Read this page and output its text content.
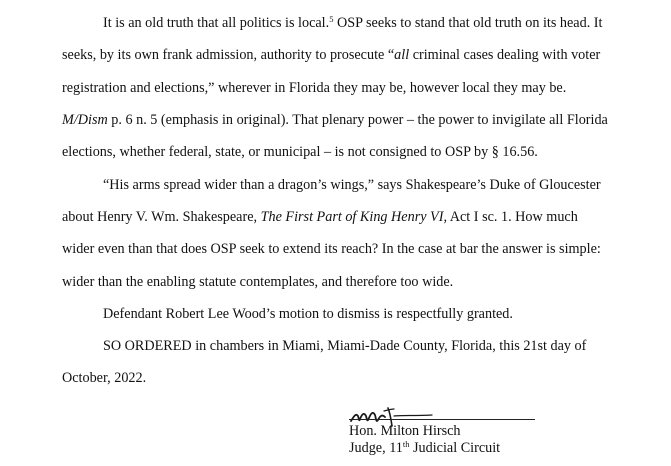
It is an old truth that all politics is local.$^5$ OSP seeks to stand that old truth on its head. It
seeks, by its own frank admission, authority to prosecute “all criminal cases dealing with voter
registration and elections,” wherever in Florida they may be, however local they may be.
M/Dism p. 6 n. 5 (emphasis in original). That plenary power – the power to invigilate all Florida
elections, whether federal, state, or municipal – is not consigned to OSP by § 16.56.
“His arms spread wider than a dragon’s wings,” says Shakespeare’s Duke of Gloucester
about Henry V. Wm. Shakespeare, The First Part of King Henry VI, Act I sc. 1. How much
wider even than that does OSP seek to extend its reach? In the case at bar the answer is simple:
wider than the enabling statute contemplates, and therefore too wide.
Defendant Robert Lee Wood’s motion to dismiss is respectfully granted.
SO ORDERED in chambers in Miami, Miami-Dade County, Florida, this 21st day of
October, 2022.
Hon. Milton Hirsch
Judge, 11th Judicial Circuit
